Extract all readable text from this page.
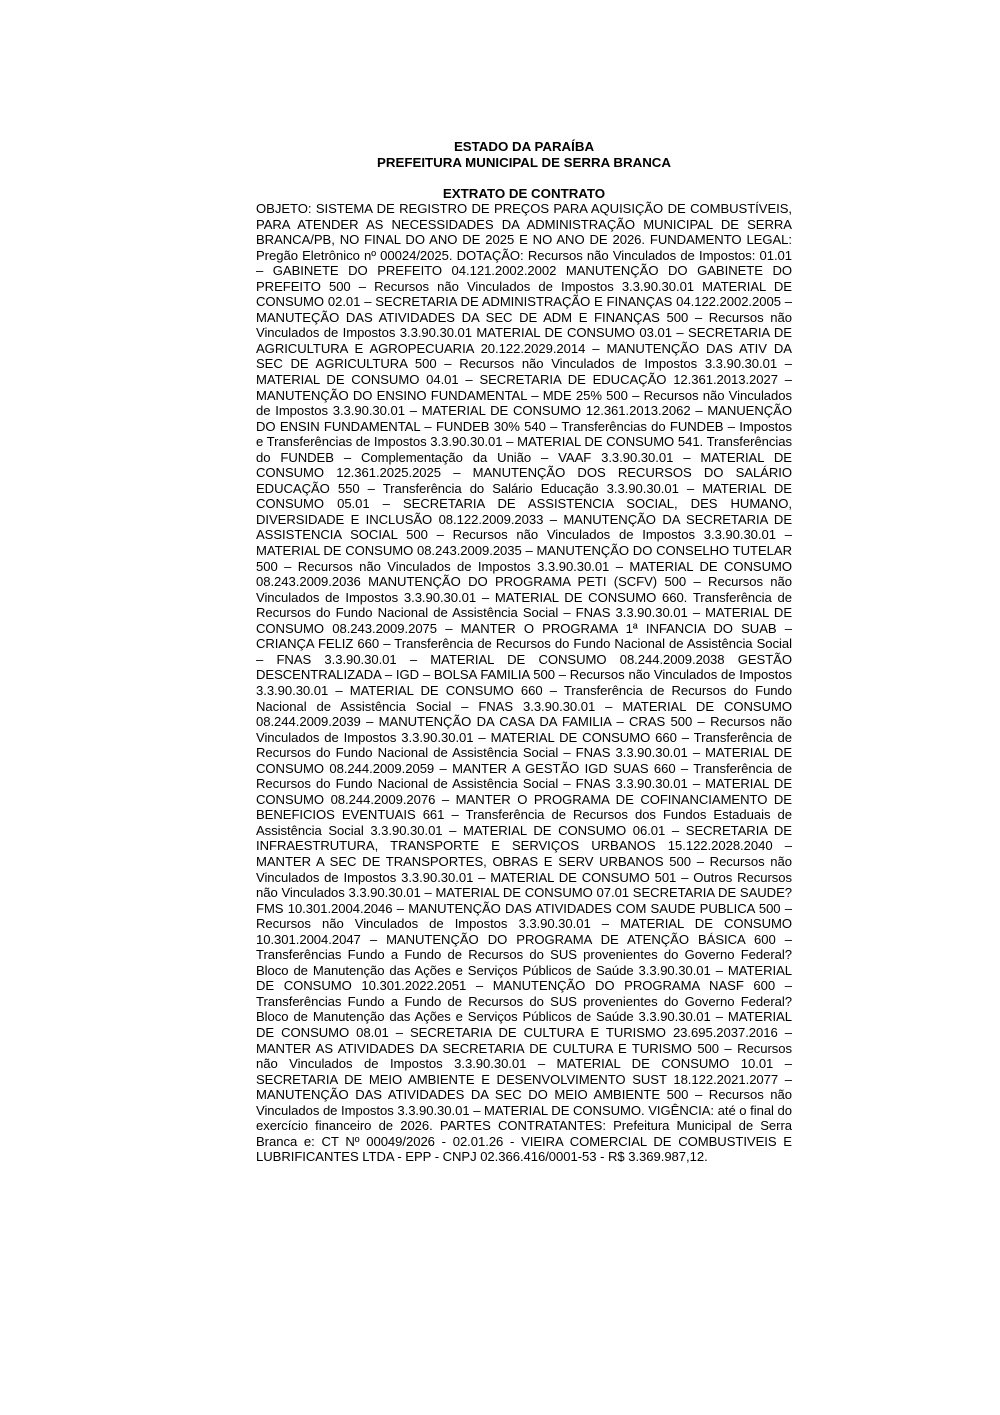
ESTADO DA PARAÍBA
PREFEITURA MUNICIPAL DE SERRA BRANCA
EXTRATO DE CONTRATO
OBJETO: SISTEMA DE REGISTRO DE PREÇOS PARA AQUISIÇÃO DE COMBUSTÍVEIS, PARA ATENDER AS NECESSIDADES DA ADMINISTRAÇÃO MUNICIPAL DE SERRA BRANCA/PB, NO FINAL DO ANO DE 2025 E NO ANO DE 2026. FUNDAMENTO LEGAL: Pregão Eletrônico nº 00024/2025. DOTAÇÃO: Recursos não Vinculados de Impostos: 01.01 – GABINETE DO PREFEITO 04.121.2002.2002 MANUTENÇÃO DO GABINETE DO PREFEITO 500 – Recursos não Vinculados de Impostos 3.3.90.30.01 MATERIAL DE CONSUMO 02.01 – SECRETARIA DE ADMINISTRAÇÃO E FINANÇAS 04.122.2002.2005 – MANUTEÇÃO DAS ATIVIDADES DA SEC DE ADM E FINANÇAS 500 – Recursos não Vinculados de Impostos 3.3.90.30.01 MATERIAL DE CONSUMO 03.01 – SECRETARIA DE AGRICULTURA E AGROPECUARIA 20.122.2029.2014 – MANUTENÇÃO DAS ATIV DA SEC DE AGRICULTURA 500 – Recursos não Vinculados de Impostos 3.3.90.30.01 – MATERIAL DE CONSUMO 04.01 – SECRETARIA DE EDUCAÇÃO 12.361.2013.2027 – MANUTENÇÃO DO ENSINO FUNDAMENTAL – MDE 25% 500 – Recursos não Vinculados de Impostos 3.3.90.30.01 – MATERIAL DE CONSUMO 12.361.2013.2062 – MANUENÇÃO DO ENSIN FUNDAMENTAL – FUNDEB 30% 540 – Transferências do FUNDEB – Impostos e Transferências de Impostos 3.3.90.30.01 – MATERIAL DE CONSUMO 541. Transferências do FUNDEB – Complementação da União – VAAF 3.3.90.30.01 – MATERIAL DE CONSUMO 12.361.2025.2025 – MANUTENÇÃO DOS RECURSOS DO SALÁRIO EDUCAÇÃO 550 – Transferência do Salário Educação 3.3.90.30.01 – MATERIAL DE CONSUMO 05.01 – SECRETARIA DE ASSISTENCIA SOCIAL, DES HUMANO, DIVERSIDADE E INCLUSÃO 08.122.2009.2033 – MANUTENÇÃO DA SECRETARIA DE ASSISTENCIA SOCIAL 500 – Recursos não Vinculados de Impostos 3.3.90.30.01 – MATERIAL DE CONSUMO 08.243.2009.2035 – MANUTENÇÃO DO CONSELHO TUTELAR 500 – Recursos não Vinculados de Impostos 3.3.90.30.01 – MATERIAL DE CONSUMO 08.243.2009.2036 MANUTENÇÃO DO PROGRAMA PETI (SCFV) 500 – Recursos não Vinculados de Impostos 3.3.90.30.01 – MATERIAL DE CONSUMO 660. Transferência de Recursos do Fundo Nacional de Assistência Social – FNAS 3.3.90.30.01 – MATERIAL DE CONSUMO 08.243.2009.2075 – MANTER O PROGRAMA 1ª INFANCIA DO SUAB – CRIANÇA FELIZ 660 – Transferência de Recursos do Fundo Nacional de Assistência Social – FNAS 3.3.90.30.01 – MATERIAL DE CONSUMO 08.244.2009.2038 GESTÃO DESCENTRALIZADA – IGD – BOLSA FAMILIA 500 – Recursos não Vinculados de Impostos 3.3.90.30.01 – MATERIAL DE CONSUMO 660 – Transferência de Recursos do Fundo Nacional de Assistência Social – FNAS 3.3.90.30.01 – MATERIAL DE CONSUMO 08.244.2009.2039 – MANUTENÇÃO DA CASA DA FAMILIA – CRAS 500 – Recursos não Vinculados de Impostos 3.3.90.30.01 – MATERIAL DE CONSUMO 660 – Transferência de Recursos do Fundo Nacional de Assistência Social – FNAS 3.3.90.30.01 – MATERIAL DE CONSUMO 08.244.2009.2059 – MANTER A GESTÃO IGD SUAS 660 – Transferência de Recursos do Fundo Nacional de Assistência Social – FNAS 3.3.90.30.01 – MATERIAL DE CONSUMO 08.244.2009.2076 – MANTER O PROGRAMA DE COFINANCIAMENTO DE BENEFICIOS EVENTUAIS 661 – Transferência de Recursos dos Fundos Estaduais de Assistência Social 3.3.90.30.01 – MATERIAL DE CONSUMO 06.01 – SECRETARIA DE INFRAESTRUTURA, TRANSPORTE E SERVIÇOS URBANOS 15.122.2028.2040 – MANTER A SEC DE TRANSPORTES, OBRAS E SERV URBANOS 500 – Recursos não Vinculados de Impostos 3.3.90.30.01 – MATERIAL DE CONSUMO 501 – Outros Recursos não Vinculados 3.3.90.30.01 – MATERIAL DE CONSUMO 07.01 SECRETARIA DE SAUDE? FMS 10.301.2004.2046 – MANUTENÇÃO DAS ATIVIDADES COM SAUDE PUBLICA 500 – Recursos não Vinculados de Impostos 3.3.90.30.01 – MATERIAL DE CONSUMO 10.301.2004.2047 – MANUTENÇÃO DO PROGRAMA DE ATENÇÃO BÁSICA 600 – Transferências Fundo a Fundo de Recursos do SUS provenientes do Governo Federal? Bloco de Manutenção das Ações e Serviços Públicos de Saúde 3.3.90.30.01 – MATERIAL DE CONSUMO 10.301.2022.2051 – MANUTENÇÃO DO PROGRAMA NASF 600 – Transferências Fundo a Fundo de Recursos do SUS provenientes do Governo Federal? Bloco de Manutenção das Ações e Serviços Públicos de Saúde 3.3.90.30.01 – MATERIAL DE CONSUMO 08.01 – SECRETARIA DE CULTURA E TURISMO 23.695.2037.2016 – MANTER AS ATIVIDADES DA SECRETARIA DE CULTURA E TURISMO 500 – Recursos não Vinculados de Impostos 3.3.90.30.01 – MATERIAL DE CONSUMO 10.01 – SECRETARIA DE MEIO AMBIENTE E DESENVOLVIMENTO SUST 18.122.2021.2077 – MANUTENÇÃO DAS ATIVIDADES DA SEC DO MEIO AMBIENTE 500 – Recursos não Vinculados de Impostos 3.3.90.30.01 – MATERIAL DE CONSUMO. VIGÊNCIA: até o final do exercício financeiro de 2026. PARTES CONTRATANTES: Prefeitura Municipal de Serra Branca e: CT Nº 00049/2026 - 02.01.26 - VIEIRA COMERCIAL DE COMBUSTIVEIS E LUBRIFICANTES LTDA - EPP - CNPJ 02.366.416/0001-53 - R$ 3.369.987,12.
